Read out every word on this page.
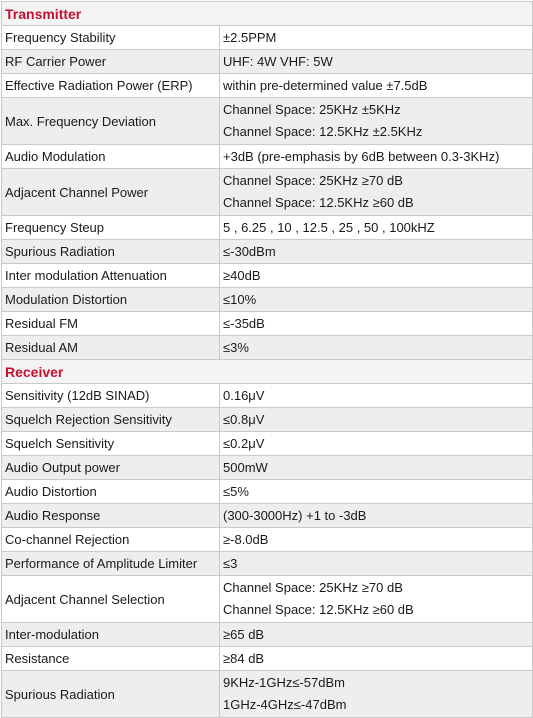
Transmitter	
Frequency Stability	±2.5PPM

RF Carrier Power	UHF: 4W VHF: 5W

Effective Radiation Power (ERP)	within pre-determined value ±7.5dB

Max. Frequency Deviation	Channel Space: 25KHz ±5KHz
Channel Space: 12.5KHz ±2.5KHz

Audio Modulation	+3dB (pre-emphasis by 6dB between 0.3-3KHz)

Adjacent Channel Power	Channel Space: 25KHz ≥70 dB
Channel Space: 12.5KHz ≥60 dB

Frequency Steup	5 , 6.25 , 10 , 12.5 , 25 , 50 , 100kHZ

Spurious Radiation	≤-30dBm

Inter modulation Attenuation	≥40dB

Modulation Distortion	≤10%

Residual FM	≤-35dB

Residual AM	≤3%

Receiver	
Sensitivity (12dB SINAD)	0.16μV

Squelch Rejection Sensitivity	≤0.8μV

Squelch Sensitivity	≤0.2μV

Audio Output power	500mW

Audio Distortion	≤5%

Audio Response	(300-3000Hz) +1 to -3dB

Co-channel Rejection	≥-8.0dB

Performance of Amplitude Limiter	≤3

Adjacent Channel Selection	Channel Space: 25KHz ≥70 dB
Channel Space: 12.5KHz ≥60 dB

Inter-modulation	≥65 dB

Resistance	≥84 dB

Spurious Radiation	9KHz-1GHz≤-57dBm
1GHz-4GHz≤-47dBm
